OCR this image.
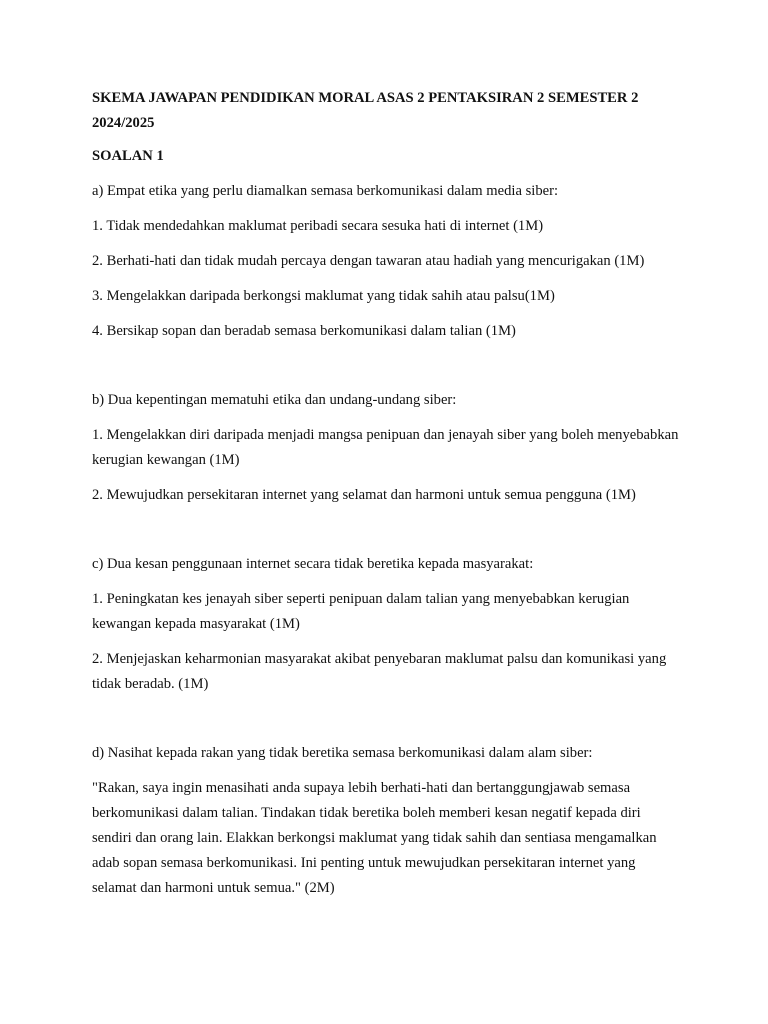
SKEMA JAWAPAN PENDIDIKAN MORAL ASAS 2 PENTAKSIRAN 2 SEMESTER 2 2024/2025
SOALAN 1
a) Empat etika yang perlu diamalkan semasa berkomunikasi dalam media siber:
1. Tidak mendedahkan maklumat peribadi secara sesuka hati di internet (1M)
2. Berhati-hati dan tidak mudah percaya dengan tawaran atau hadiah yang mencurigakan (1M)
3. Mengelakkan daripada berkongsi maklumat yang tidak sahih atau palsu(1M)
4. Bersikap sopan dan beradab semasa berkomunikasi dalam talian (1M)
b) Dua kepentingan mematuhi etika dan undang-undang siber:
1. Mengelakkan diri daripada menjadi mangsa penipuan dan jenayah siber yang boleh menyebabkan kerugian kewangan (1M)
2. Mewujudkan persekitaran internet yang selamat dan harmoni untuk semua pengguna (1M)
c) Dua kesan penggunaan internet secara tidak beretika kepada masyarakat:
1. Peningkatan kes jenayah siber seperti penipuan dalam talian yang menyebabkan kerugian kewangan kepada masyarakat (1M)
2. Menjejaskan keharmonian masyarakat akibat penyebaran maklumat palsu dan komunikasi yang tidak beradab. (1M)
d) Nasihat kepada rakan yang tidak beretika semasa berkomunikasi dalam alam siber:
"Rakan, saya ingin menasihati anda supaya lebih berhati-hati dan bertanggungjawab semasa berkomunikasi dalam talian. Tindakan tidak beretika boleh memberi kesan negatif kepada diri sendiri dan orang lain. Elakkan berkongsi maklumat yang tidak sahih dan sentiasa mengamalkan adab sopan semasa berkomunikasi. Ini penting untuk mewujudkan persekitaran internet yang selamat dan harmoni untuk semua." (2M)
